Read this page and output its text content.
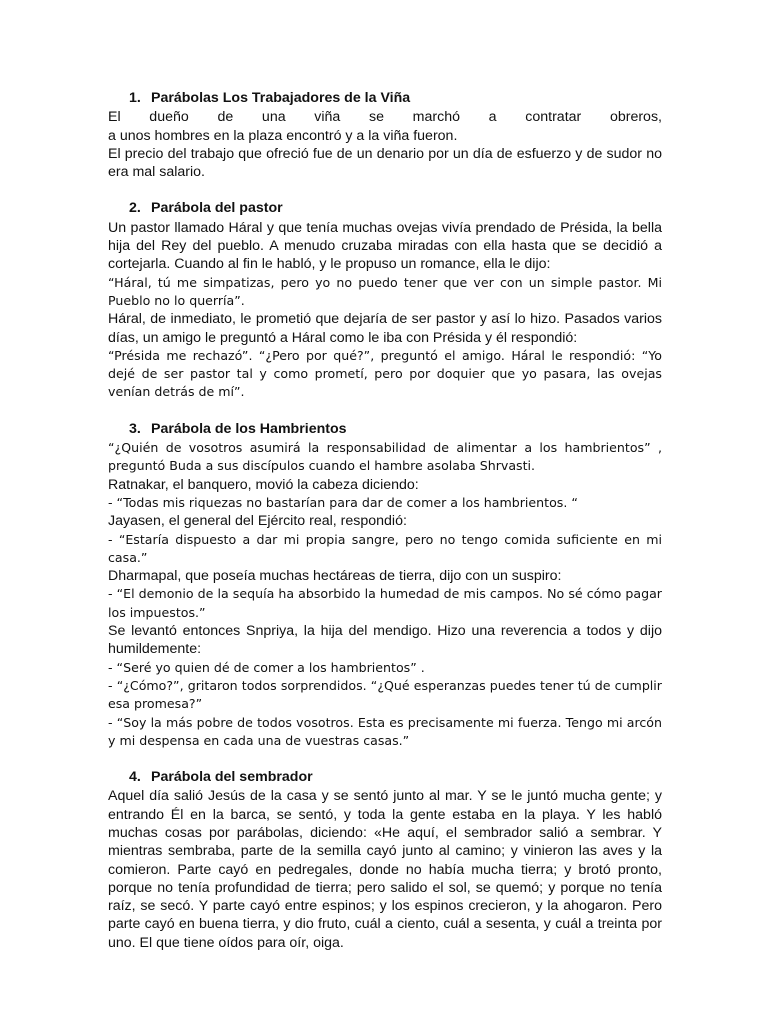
1. Parábolas Los Trabajadores de la Viña

El dueño de una viña se marchó a contratar obreros,

a unos hombres en la plaza encontró y a la viña fueron.

El precio del trabajo que ofreció fue de un denario por un día de esfuerzo y de sudor no era mal salario.

2. Parábola del pastor

Un pastor llamado Háral y que tenía muchas ovejas vivía prendado de Présida, la bella hija del Rey del pueblo. A menudo cruzaba miradas con ella hasta que se decidió a cortejarla. Cuando al fin le habló, y le propuso un romance, ella le dijo:

“Háral, tú me simpatizas, pero yo no puedo tener que ver con un simple pastor. Mi Pueblo no lo querría”.

Háral, de inmediato, le prometió que dejaría de ser pastor y así lo hizo. Pasados varios días, un amigo le preguntó a Háral como le iba con Présida y él respondió:

“Présida me rechazó”. “¿Pero por qué?”, preguntó el amigo. Háral le respondió: “Yo dejé de ser pastor tal y como prometí, pero por doquier que yo pasara, las ovejas venían detrás de mí”.

3. Parábola de los Hambrientos

“¿Quién de vosotros asumirá la responsabilidad de alimentar a los hambrientos” , preguntó Buda a sus discípulos cuando el hambre asolaba Shrvasti.

Ratnakar, el banquero, movió la cabeza diciendo:

- “Todas mis riquezas no bastarían para dar de comer a los hambrientos. “

Jayasen, el general del Ejército real, respondió:

- “Estaría dispuesto a dar mi propia sangre, pero no tengo comida suficiente en mi casa.”

Dharmapal, que poseía muchas hectáreas de tierra, dijo con un suspiro:

- “El demonio de la sequía ha absorbido la humedad de mis campos. No sé cómo pagar los impuestos.”

Se levantó entonces Snpriya, la hija del mendigo. Hizo una reverencia a todos y dijo humildemente:

- “Seré yo quien dé de comer a los hambrientos” .

- “¿Cómo?”, gritaron todos sorprendidos. “¿Qué esperanzas puedes tener tú de cumplir esa promesa?”

- “Soy la más pobre de todos vosotros. Esta es precisamente mi fuerza. Tengo mi arcón y mi despensa en cada una de vuestras casas.”

4. Parábola del sembrador

Aquel día salió Jesús de la casa y se sentó junto al mar. Y se le juntó mucha gente; y entrando Él en la barca, se sentó, y toda la gente estaba en la playa. Y les habló muchas cosas por parábolas, diciendo: «He aquí, el sembrador salió a sembrar. Y mientras sembraba, parte de la semilla cayó junto al camino; y vinieron las aves y la comieron. Parte cayó en pedregales, donde no había mucha tierra; y brotó pronto, porque no tenía profundidad de tierra; pero salido el sol, se quemó; y porque no tenía raíz, se secó. Y parte cayó entre espinos; y los espinos crecieron, y la ahogaron. Pero parte cayó en buena tierra, y dio fruto, cuál a ciento, cuál a sesenta, y cuál a treinta por uno. El que tiene oídos para oír, oiga.
